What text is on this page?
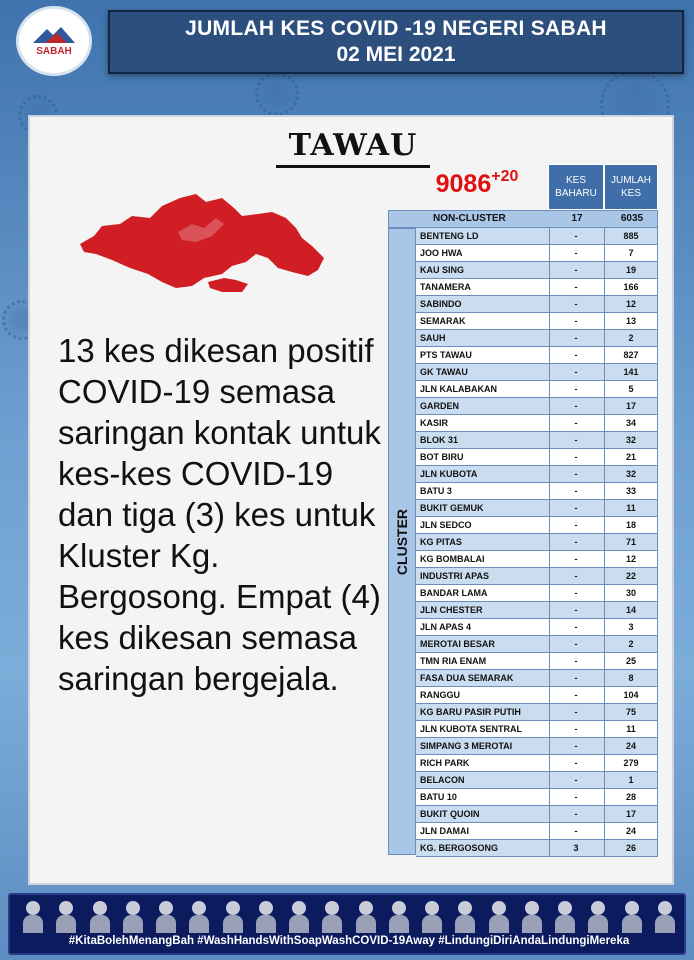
SABAH
JUMLAH KES COVID -19 NEGERI SABAH
02 MEI 2021
TAWAU
$9086^{+20}$
13 kes dikesan positif COVID-19 semasa saringan kontak untuk kes-kes COVID-19 dan tiga (3) kes untuk Kluster Kg. Bergosong. Empat (4) kes dikesan semasa saringan bergejala.
KES BAHARU
JUMLAH KES
NON-CLUSTER	17	6035
CLUSTER
BENTENG LD	-	885
JOO HWA	-	7
KAU SING	-	19
TANAMERA	-	166
SABINDO	-	12
SEMARAK	-	13
SAUH	-	2
PTS TAWAU	-	827
GK TAWAU	-	141
JLN KALABAKAN	-	5
GARDEN	-	17
KASIR	-	34
BLOK 31	-	32
BOT BIRU	-	21
JLN KUBOTA	-	32
BATU 3	-	33
BUKIT GEMUK	-	11
JLN SEDCO	-	18
KG PITAS	-	71
KG BOMBALAI	-	12
INDUSTRI APAS	-	22
BANDAR LAMA	-	30
JLN CHESTER	-	14
JLN APAS 4	-	3
MEROTAI BESAR	-	2
TMN RIA ENAM	-	25
FASA DUA SEMARAK	-	8
RANGGU	-	104
KG BARU PASIR PUTIH	-	75
JLN KUBOTA SENTRAL	-	11
SIMPANG 3 MEROTAI	-	24
RICH PARK	-	279
BELACON	-	1
BATU 10	-	28
BUKIT QUOIN	-	17
JLN DAMAI	-	24
KG. BERGOSONG	3	26
#KitaBolehMenangBah #WashHandsWithSoapWashCOVID-19Away #LindungiDiriAndaLindungiMereka
